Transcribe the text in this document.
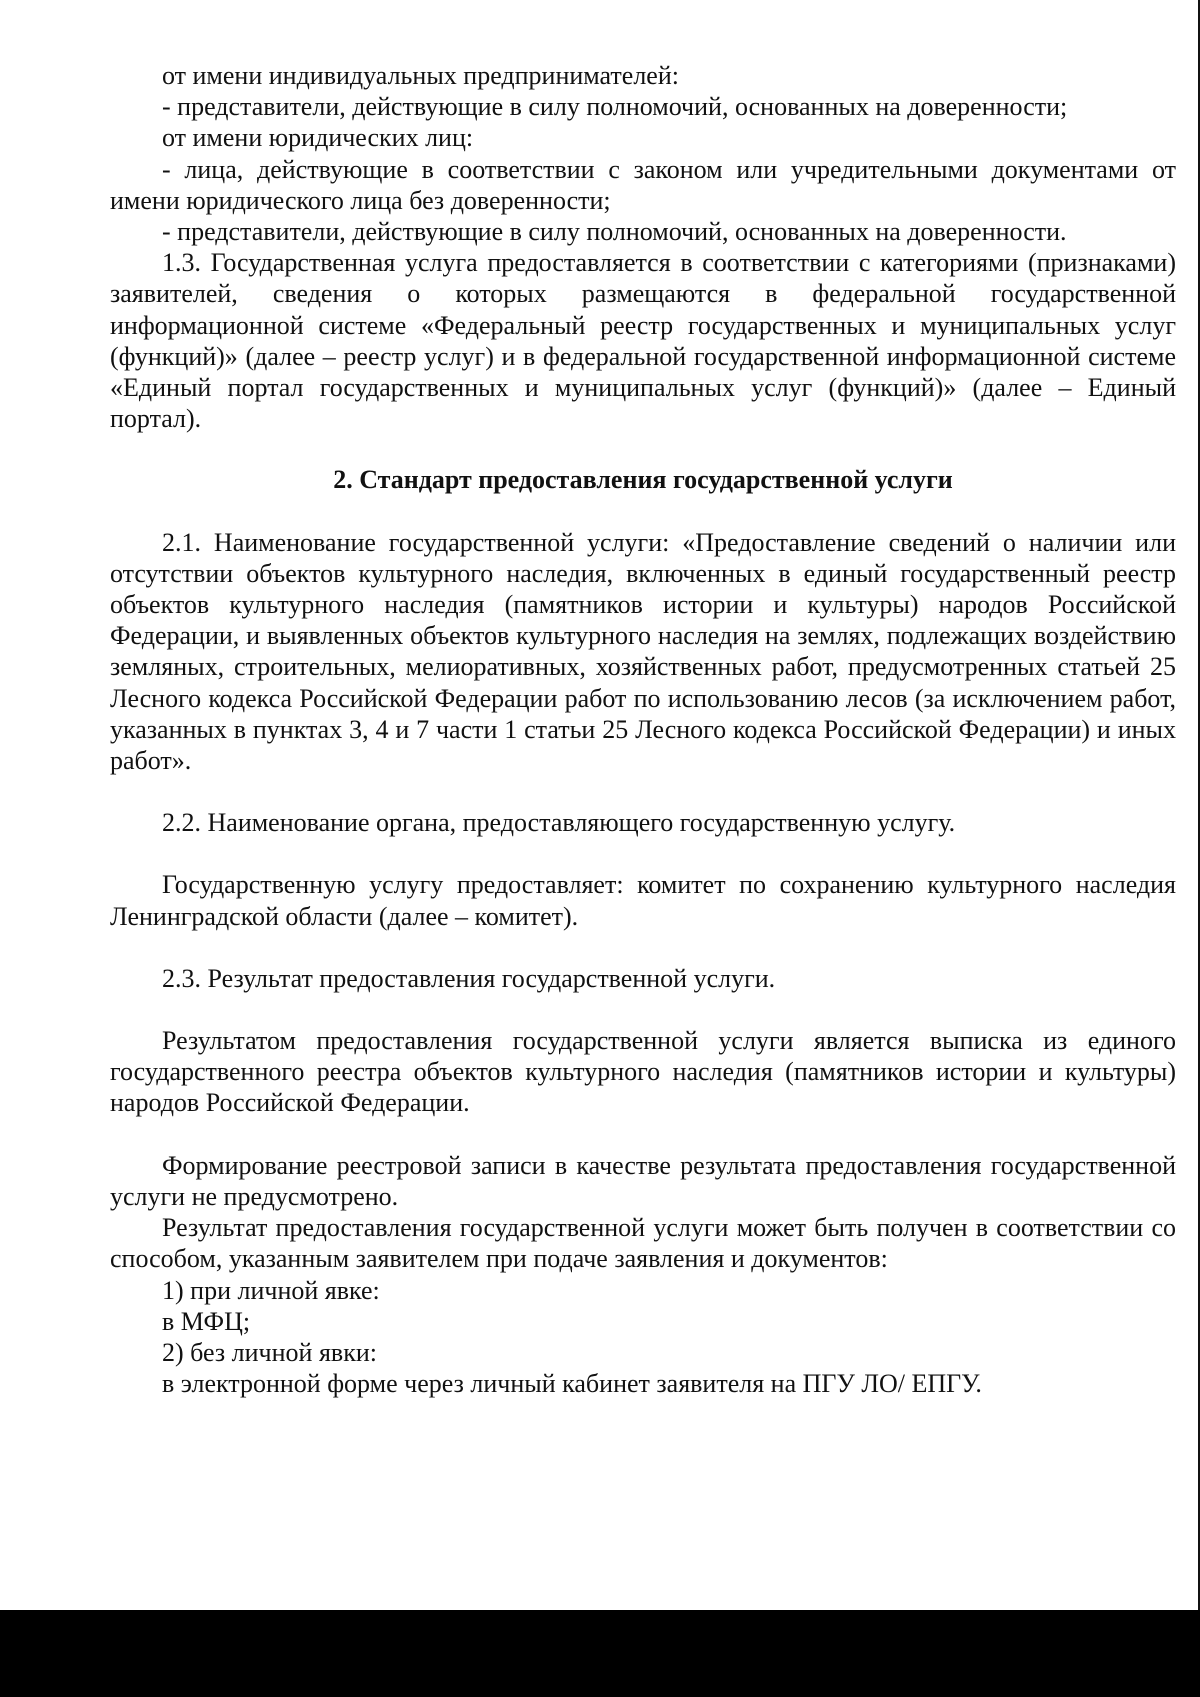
от имени индивидуальных предпринимателей:

- представители, действующие в силу полномочий, основанных на доверенности;

от имени юридических лиц:

- лица, действующие в соответствии с законом или учредительными документами от имени юридического лица без доверенности;

- представители, действующие в силу полномочий, основанных на доверенности.

1.3. Государственная услуга предоставляется в соответствии с категориями (признаками) заявителей, сведения о которых размещаются в федеральной государственной информационной системе «Федеральный реестр государственных и муниципальных услуг (функций)» (далее – реестр услуг) и в федеральной государственной информационной системе «Единый портал государственных и муниципальных услуг (функций)» (далее – Единый портал).

2. Стандарт предоставления государственной услуги

2.1. Наименование государственной услуги: «Предоставление сведений о наличии или отсутствии объектов культурного наследия, включенных в единый государственный реестр объектов культурного наследия (памятников истории и культуры) народов Российской Федерации, и выявленных объектов культурного наследия на землях, подлежащих воздействию земляных, строительных, мелиоративных, хозяйственных работ, предусмотренных статьей 25 Лесного кодекса Российской Федерации работ по использованию лесов (за исключением работ, указанных в пунктах 3, 4 и 7 части 1 статьи 25 Лесного кодекса Российской Федерации) и иных работ».

2.2. Наименование органа, предоставляющего государственную услугу.

Государственную услугу предоставляет: комитет по сохранению культурного наследия Ленинградской области (далее – комитет).

2.3. Результат предоставления государственной услуги.

Результатом предоставления государственной услуги является выписка из единого государственного реестра объектов культурного наследия (памятников истории и культуры) народов Российской Федерации.

Формирование реестровой записи в качестве результата предоставления государственной услуги не предусмотрено.

Результат предоставления государственной услуги может быть получен в соответствии со способом, указанным заявителем при подаче заявления и документов:

1) при личной явке:

в МФЦ;

2) без личной явки:

в электронной форме через личный кабинет заявителя на ПГУ ЛО/ ЕПГУ.
